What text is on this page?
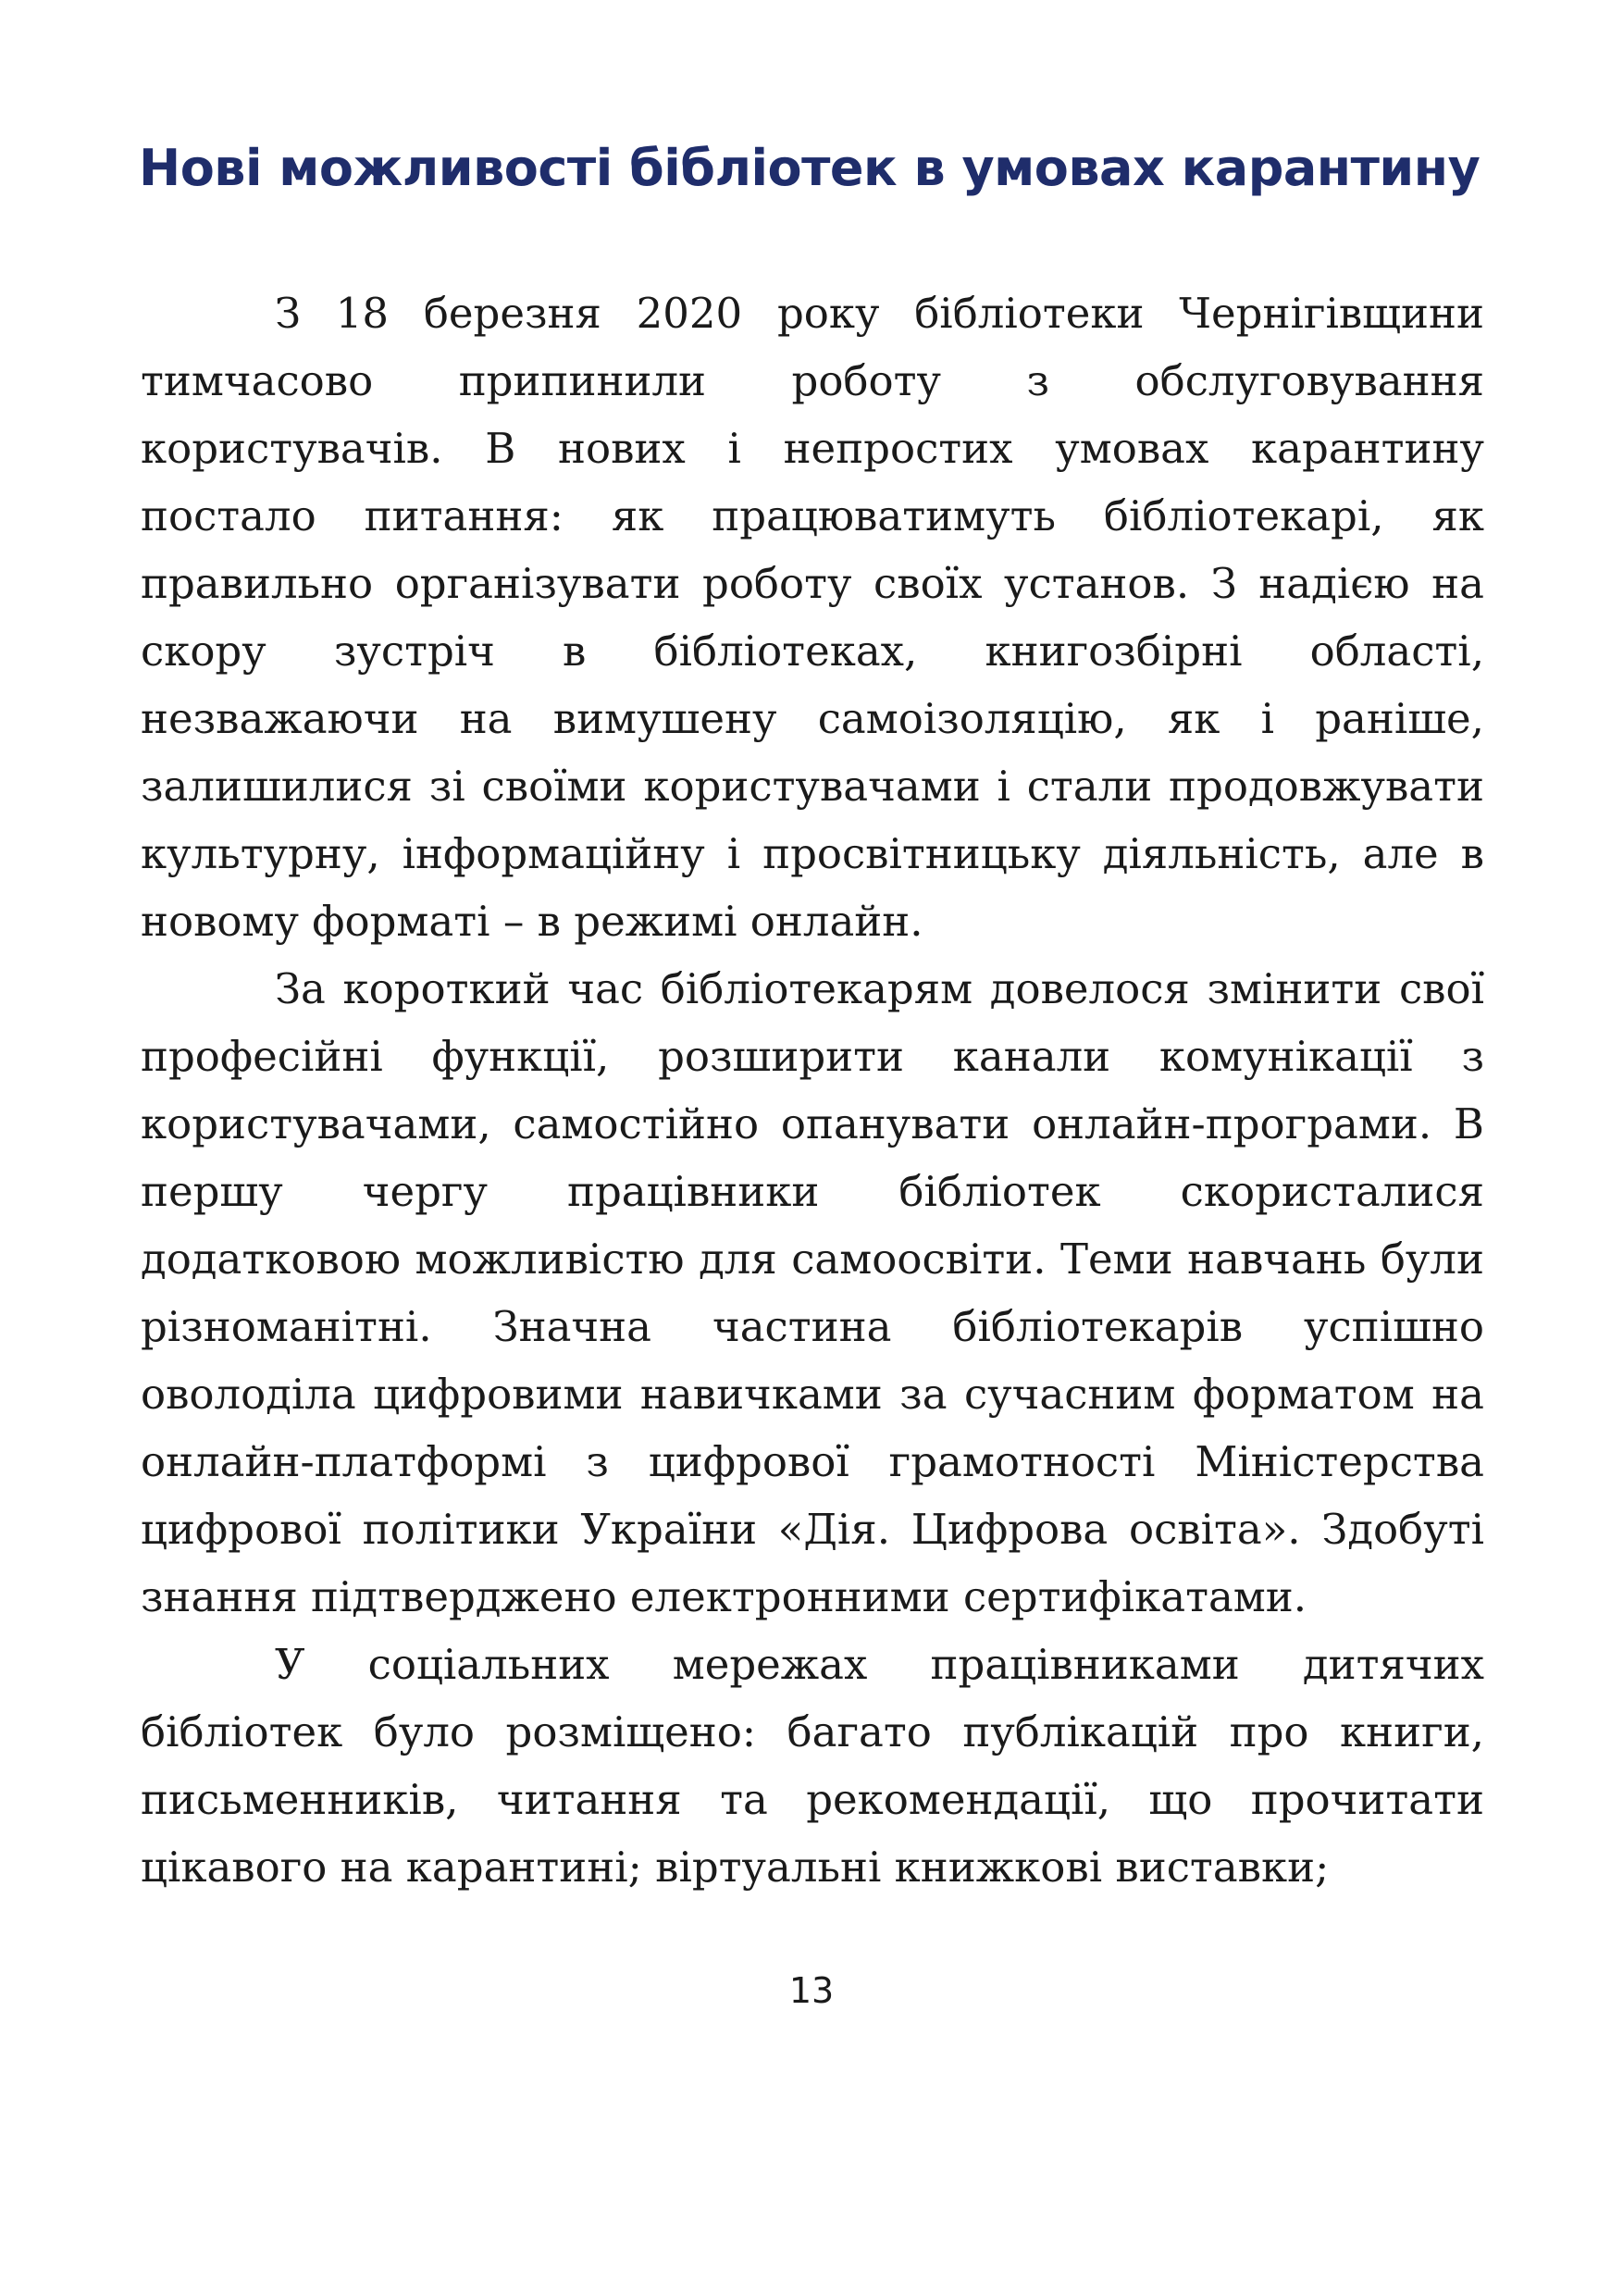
Нові можливості бібліотек в умовах карантину

З 18 березня 2020 року бібліотеки Чернігівщини тимчасово припинили роботу з обслуговування користувачів. В нових і непростих умовах карантину постало питання: як працюватимуть бібліотекарі, як правильно організувати роботу своїх установ. З надією на скору зустріч в бібліотеках, книгозбірні області, незважаючи на вимушену самоізоляцію, як і раніше, залишилися зі своїми користувачами і стали продовжувати культурну, інформаційну і просвітницьку діяльність, але в новому форматі – в режимі онлайн.

За короткий час бібліотекарям довелося змінити свої професійні функції, розширити канали комунікації з користувачами, самостійно опанувати онлайн-програми. В першу чергу працівники бібліотек скористалися додатковою можливістю для самоосвіти. Теми навчань були різноманітні. Значна частина бібліотекарів успішно оволоділа цифровими навичками за сучасним форматом на онлайн-платформі з цифрової грамотності Міністерства цифрової політики України «Дія. Цифрова освіта». Здобуті знання підтверджено електронними сертифікатами.

У соціальних мережах працівниками дитячих бібліотек було розміщено: багато публікацій про книги, письменників, читання та рекомендації, що прочитати цікавого на карантині; віртуальні книжкові виставки;

13
